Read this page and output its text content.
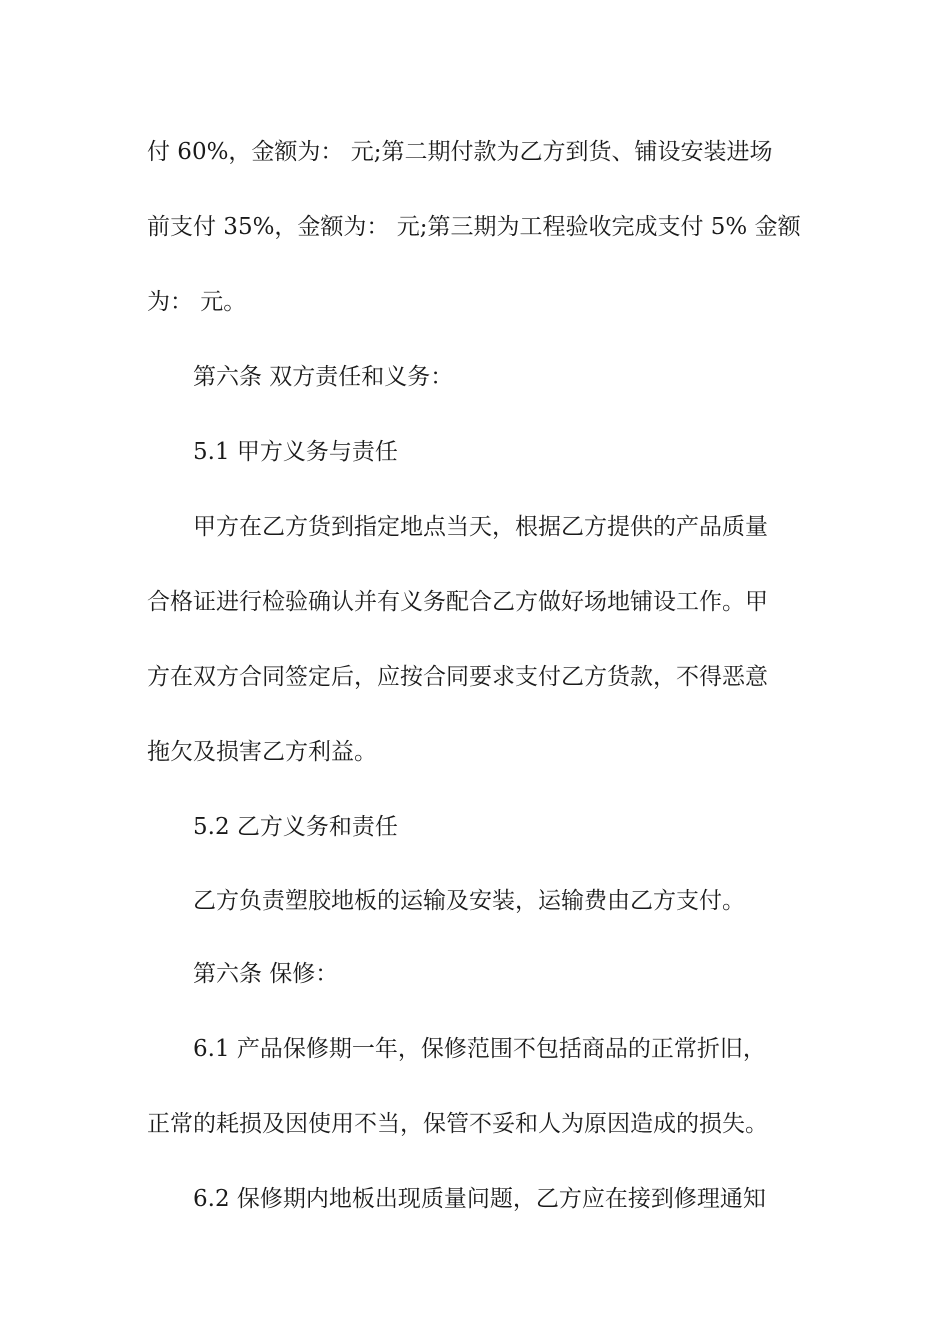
付 60%，金额为： 元;第二期付款为乙方到货、铺设安装进场
前支付 35%，金额为： 元;第三期为工程验收完成支付 5% 金额
为： 元。
第六条 双方责任和义务：
5.1 甲方义务与责任
甲方在乙方货到指定地点当天，根据乙方提供的产品质量
合格证进行检验确认并有义务配合乙方做好场地铺设工作。甲
方在双方合同签定后，应按合同要求支付乙方货款，不得恶意
拖欠及损害乙方利益。
5.2 乙方义务和责任
乙方负责塑胶地板的运输及安装，运输费由乙方支付。
第六条 保修：
6.1 产品保修期一年，保修范围不包括商品的正常折旧，
正常的耗损及因使用不当，保管不妥和人为原因造成的损失。
6.2 保修期内地板出现质量问题，乙方应在接到修理通知
